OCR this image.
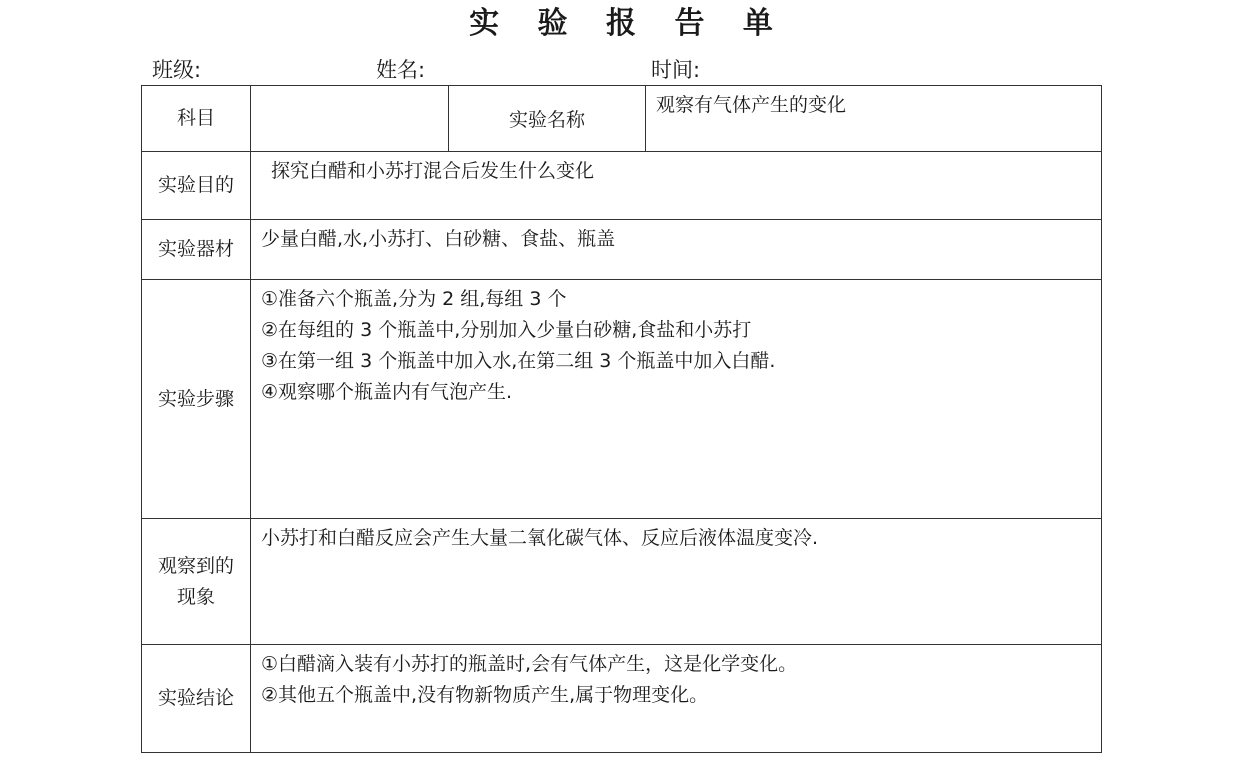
实 验 报 告 单
班级:	姓名:	时间:
科目		实验名称	观察有气体产生的变化
实验目的	探究白醋和小苏打混合后发生什么变化		
实验器材	少量白醋,水,小苏打、白砂糖、食盐、瓶盖		
实验步骤	①准备六个瓶盖,分为 2 组,每组 3 个
②在每组的 3 个瓶盖中,分别加入少量白砂糖,食盐和小苏打
③在第一组 3 个瓶盖中加入水,在第二组 3 个瓶盖中加入白醋.
④观察哪个瓶盖内有气泡产生.		

观察到的
现象	小苏打和白醋反应会产生大量二氧化碳气体、反应后液体温度变冷.		
实验结论	①白醋滴入装有小苏打的瓶盖时,会有气体产生，这是化学变化。
②其他五个瓶盖中,没有物新物质产生,属于物理变化。		
